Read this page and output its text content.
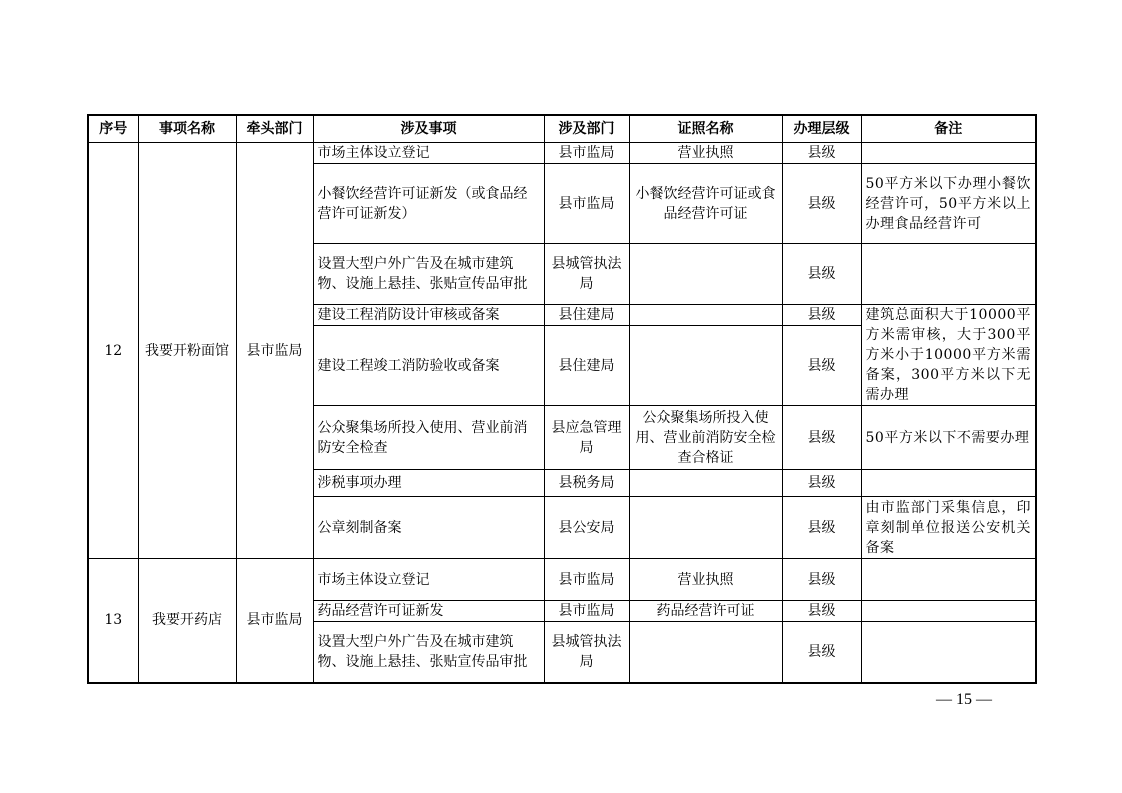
序号	事项名称	牵头部门	涉及事项	涉及部门	证照名称	办理层级	备注
12	我要开粉面馆	县市监局	市场主体设立登记	县市监局	营业执照	县级	
			小餐饮经营许可证新发（或食品经营许可证新发）	县市监局	小餐饮经营许可证或食品经营许可证	县级	50平方米以下办理小餐饮经营许可，50平方米以上办理食品经营许可
			设置大型户外广告及在城市建筑物、设施上悬挂、张贴宣传品审批	县城管执法局		县级	
			建设工程消防设计审核或备案	县住建局		县级	建筑总面积大于10000平方米需审核，大于300平方米小于10000平方米需备案，300平方米以下无需办理
			建设工程竣工消防验收或备案	县住建局		县级	
			公众聚集场所投入使用、营业前消防安全检查	县应急管理局	公众聚集场所投入使用、营业前消防安全检查合格证	县级	50平方米以下不需要办理
			涉税事项办理	县税务局		县级	
			公章刻制备案	县公安局		县级	由市监部门采集信息，印章刻制单位报送公安机关备案
13	我要开药店	县市监局	市场主体设立登记	县市监局	营业执照	县级	
			药品经营许可证新发	县市监局	药品经营许可证	县级	
			设置大型户外广告及在城市建筑物、设施上悬挂、张贴宣传品审批	县城管执法局		县级	
— 15 —
